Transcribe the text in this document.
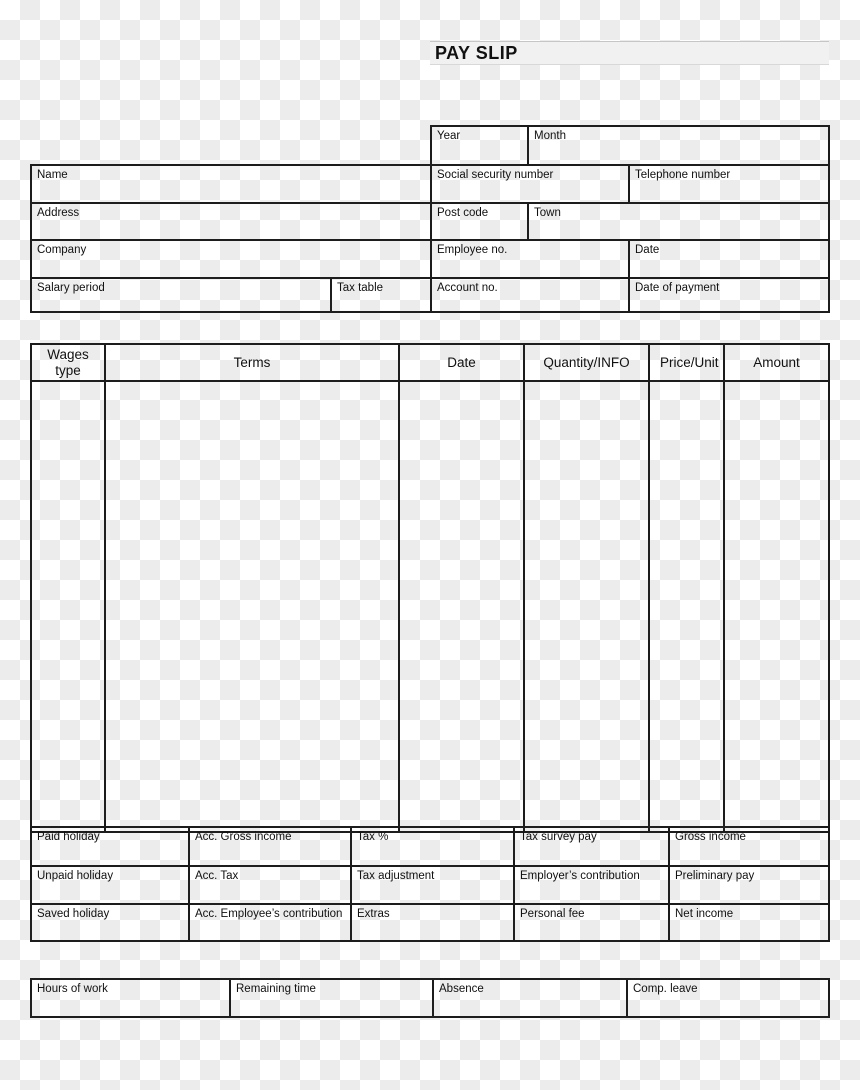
PAY SLIP
		Year	Month	
Name		Social security number		Telephone number
Address		Post code	Town	
Company		Employee no.		Date
Salary period	Tax table	Account no.		Date of payment
Wages type	Terms	Date	Quantity/INFO	Price/Unit	Amount

Paid holiday	Acc. Gross income	Tax %	Tax survey pay	Gross income
Unpaid holiday	Acc. Tax	Tax adjustment	Employer’s contribution	Preliminary pay
Saved holiday	Acc. Employee’s contribution	Extras	Personal fee	Net income
Hours of work	Remaining time	Absence	Comp. leave
